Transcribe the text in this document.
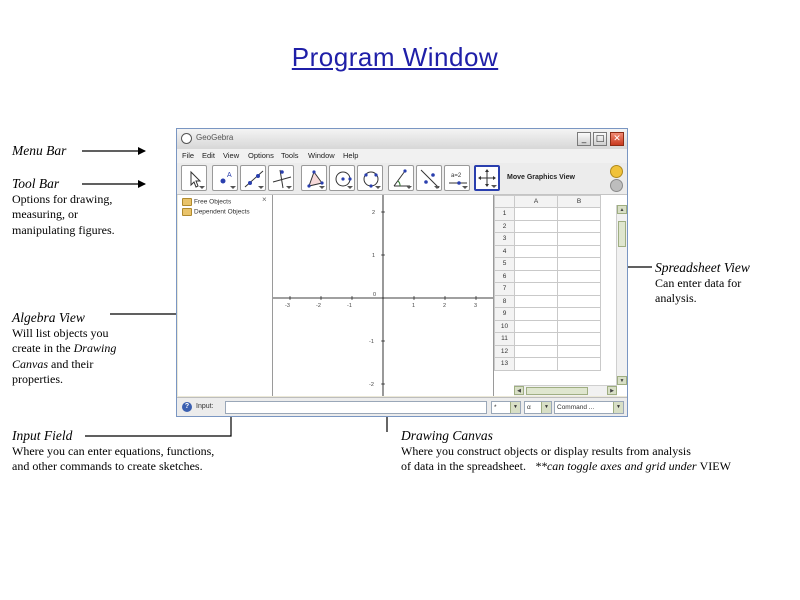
Program Window
Menu Bar
Tool Bar
Options for drawing,
measuring, or
manipulating figures.
Algebra View
Will list objects you
create in the Drawing
Canvas and their
properties.
Spreadsheet View
Can enter data for
analysis.
Input Field
Where you can enter equations, functions,
and other commands to create sketches.
Drawing Canvas
Where you construct objects or display results from analysis
of data in the spreadsheet.   **can toggle axes and grid under VIEW
GeoGebra	_	□ ✕
File Edit View Options Tools Window Help
A	a=2	Move Graphics View
×
Free Objects
Dependent Objects
-3	-2	-1
0
1	2	3
2
1
-1
-2
	A	B
1		
2		
3		
4		
5		
6		
7		
8		
9		
10		
11		
12		
13		
▲
▼
◀	▶
? Input:	*	▼	α	▼	Command ...	▼
